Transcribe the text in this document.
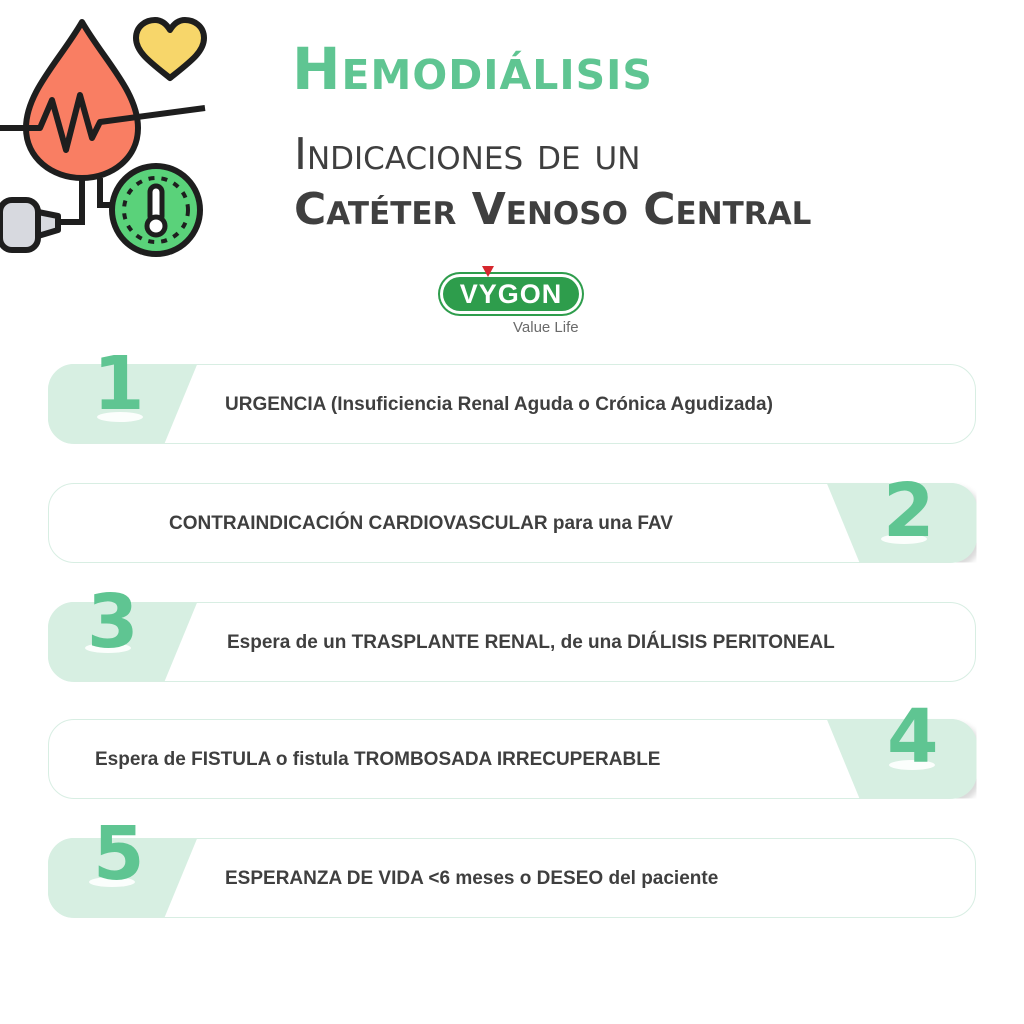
Hemodiálisis
Indicaciones de un
Catéter Venoso Central
VYGON
Value Life
1	URGENCIA (Insuficiencia Renal Aguda o Crónica Agudizada)
2
CONTRAINDICACIÓN CARDIOVASCULAR para una FAV
3	Espera de un TRASPLANTE RENAL, de una DIÁLISIS PERITONEAL
4
Espera de FISTULA o fistula TROMBOSADA IRRECUPERABLE
5	ESPERANZA DE VIDA <6 meses o DESEO del paciente
